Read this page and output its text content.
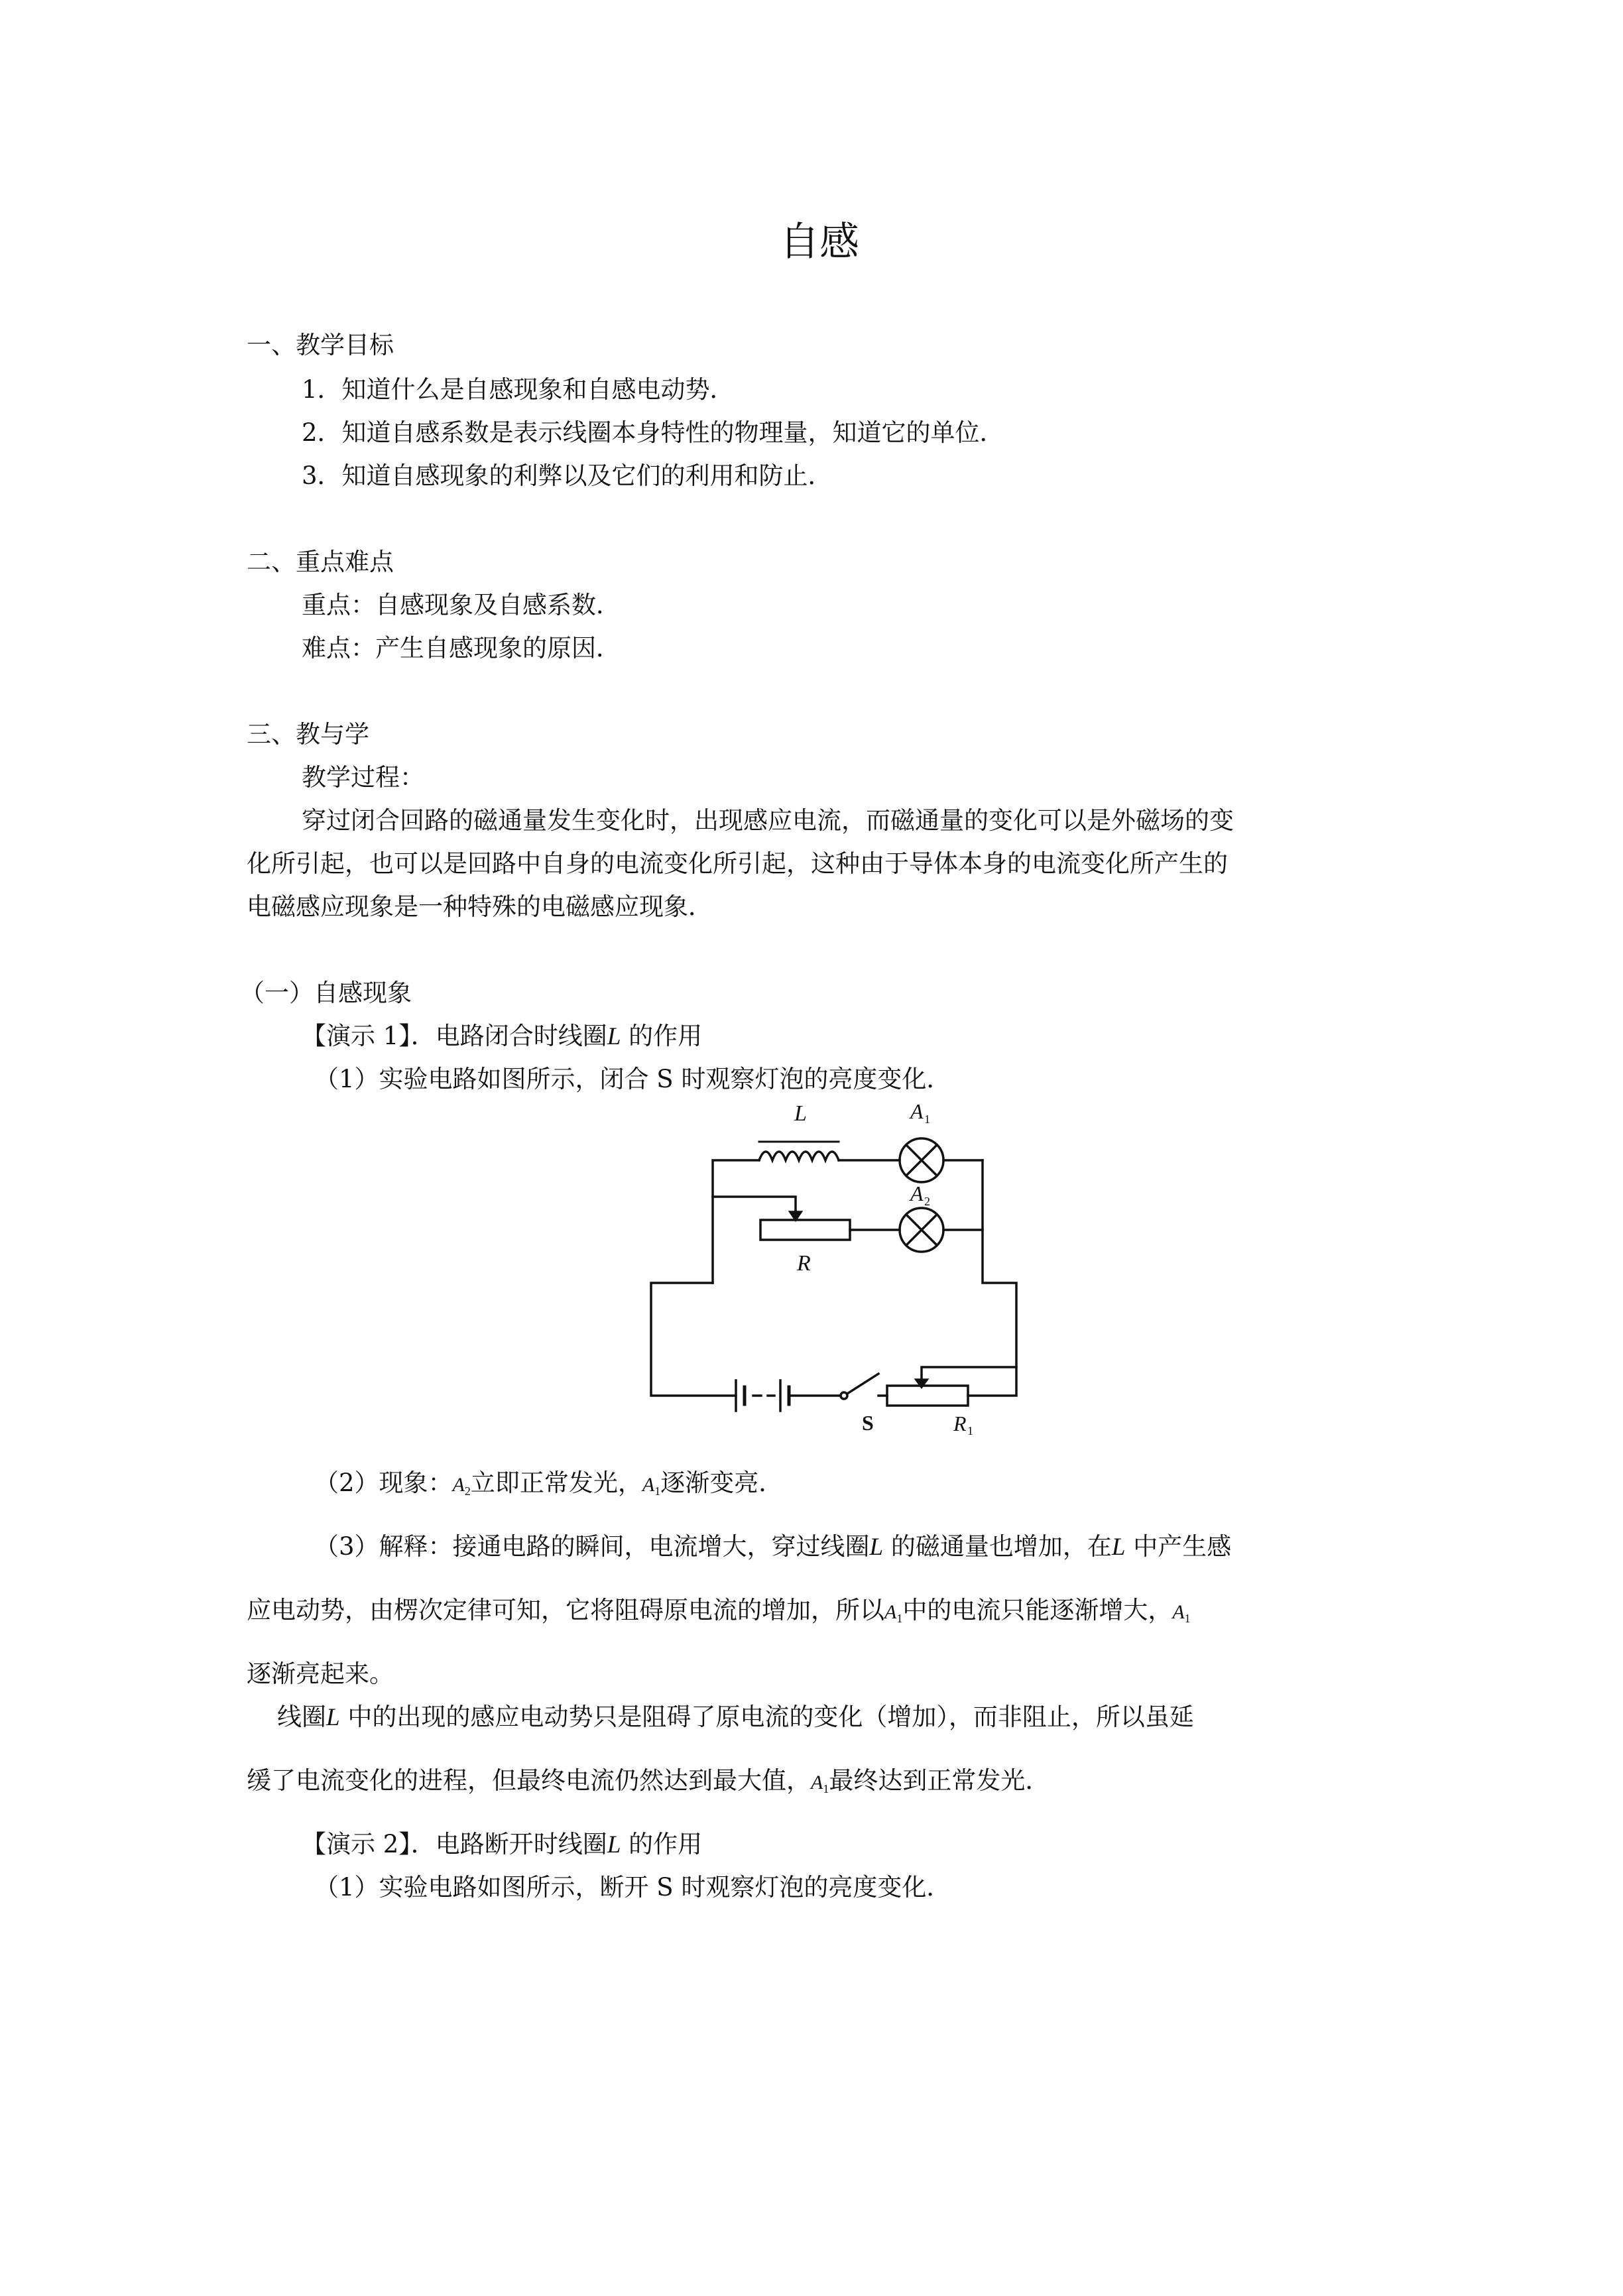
自感
一、教学目标
1．知道什么是自感现象和自感电动势．
2．知道自感系数是表示线圈本身特性的物理量，知道它的单位．
3．知道自感现象的利弊以及它们的利用和防止．
二、重点难点
重点：自感现象及自感系数．
难点：产生自感现象的原因．
三、教与学
教学过程：
穿过闭合回路的磁通量发生变化时，出现感应电流，而磁通量的变化可以是外磁场的变
化所引起，也可以是回路中自身的电流变化所引起，这种由于导体本身的电流变化所产生的
电磁感应现象是一种特殊的电磁感应现象．
（一）自感现象
【演示 1】．电路闭合时线圈L 的作用
（1）实验电路如图所示，闭合 S 时观察灯泡的亮度变化．
L	A 1
A 2
R
S	R 1
（2）现象：$A_2$立即正常发光，$A_1$逐渐变亮．
（3）解释：接通电路的瞬间，电流增大，穿过线圈L 的磁通量也增加，在L 中产生感
应电动势，由楞次定律可知，它将阻碍原电流的增加，所以$A_1$中的电流只能逐渐增大，$A_1$
逐渐亮起来。
线圈L 中的出现的感应电动势只是阻碍了原电流的变化（增加），而非阻止，所以虽延
缓了电流变化的进程，但最终电流仍然达到最大值，$A_1$最终达到正常发光．
【演示 2】．电路断开时线圈L 的作用
（1）实验电路如图所示，断开 S 时观察灯泡的亮度变化．
